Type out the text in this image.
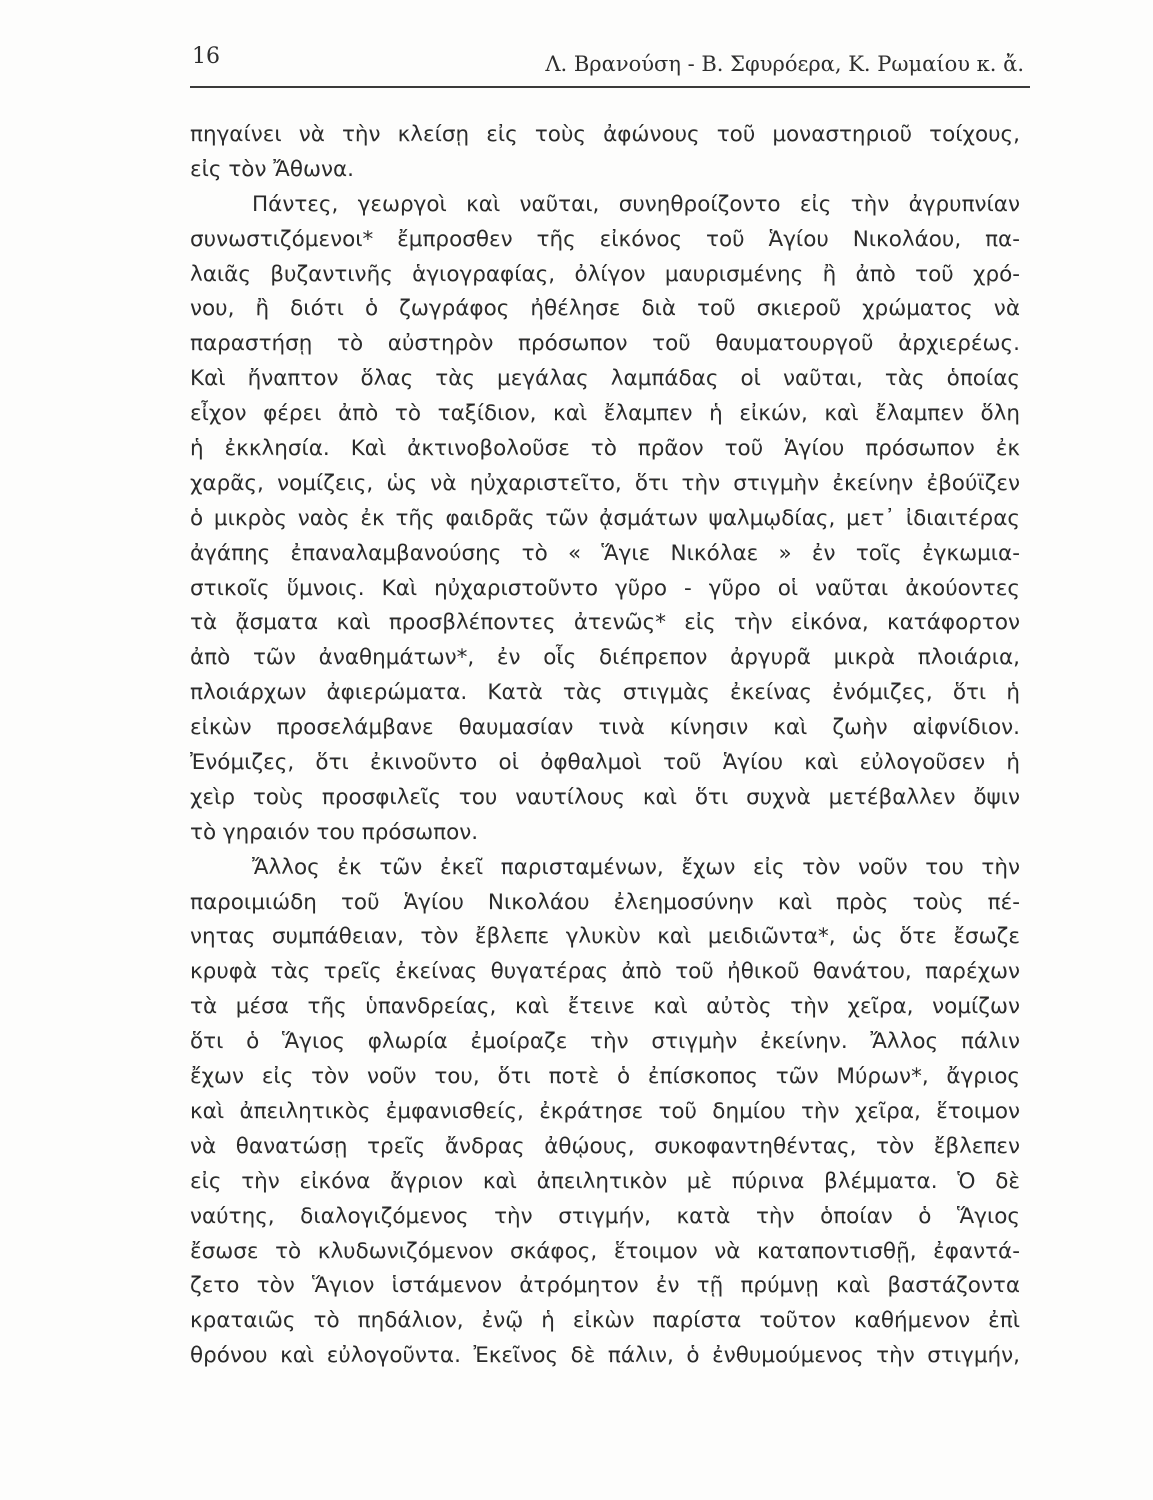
16	Λ. Βρανούση - Β. Σφυρόερα, Κ. Ρωμαίου κ. ἄ.
πηγαίνει νὰ τὴν κλείσῃ εἰς τοὺς ἀφώνους τοῦ μοναστηριοῦ τοίχους,
εἰς τὸν Ἄθωνα.
Πάντες, γεωργοὶ καὶ ναῦται, συνηθροίζοντο εἰς τὴν ἀγρυπνίαν
συνωστιζόμενοι* ἔμπροσθεν τῆς εἰκόνος τοῦ Ἁγίου Νικολάου, πα-
λαιᾶς βυζαντινῆς ἁγιογραφίας, ὀλίγον μαυρισμένης ἢ ἀπὸ τοῦ χρό-
νου, ἢ διότι ὁ ζωγράφος ἠθέλησε διὰ τοῦ σκιεροῦ χρώματος νὰ
παραστήσῃ τὸ αὐστηρὸν πρόσωπον τοῦ θαυματουργοῦ ἀρχιερέως.
Καὶ ἤναπτον ὅλας τὰς μεγάλας λαμπάδας οἱ ναῦται, τὰς ὁποίας
εἶχον φέρει ἀπὸ τὸ ταξίδιον, καὶ ἔλαμπεν ἡ εἰκών, καὶ ἔλαμπεν ὅλη
ἡ ἐκκλησία. Καὶ ἀκτινοβολοῦσε τὸ πρᾶον τοῦ Ἁγίου πρόσωπον ἐκ
χαρᾶς, νομίζεις, ὡς νὰ ηὐχαριστεῖτο, ὅτι τὴν στιγμὴν ἐκείνην ἐβούϊζεν
ὁ μικρὸς ναὸς ἐκ τῆς φαιδρᾶς τῶν ᾀσμάτων ψαλμῳδίας, μετ᾽ ἰδιαιτέρας
ἀγάπης ἐπαναλαμβανούσης τὸ « Ἅγιε Νικόλαε » ἐν τοῖς ἐγκωμια-
στικοῖς ὕμνοις. Καὶ ηὐχαριστοῦντο γῦρο - γῦρο οἱ ναῦται ἀκούοντες
τὰ ᾄσματα καὶ προσβλέποντες ἀτενῶς* εἰς τὴν εἰκόνα, κατάφορτον
ἀπὸ τῶν ἀναθημάτων*, ἐν οἷς διέπρεπον ἀργυρᾶ μικρὰ πλοιάρια,
πλοιάρχων ἀφιερώματα. Κατὰ τὰς στιγμὰς ἐκείνας ἐνόμιζες, ὅτι ἡ
εἰκὼν προσελάμβανε θαυμασίαν τινὰ κίνησιν καὶ ζωὴν αἰφνίδιον.
Ἐνόμιζες, ὅτι ἐκινοῦντο οἱ ὀφθαλμοὶ τοῦ Ἁγίου καὶ εὐλογοῦσεν ἡ
χεὶρ τοὺς προσφιλεῖς του ναυτίλους καὶ ὅτι συχνὰ μετέβαλλεν ὄψιν
τὸ γηραιόν του πρόσωπον.
Ἄλλος ἐκ τῶν ἐκεῖ παρισταμένων, ἔχων εἰς τὸν νοῦν του τὴν
παροιμιώδη τοῦ Ἁγίου Νικολάου ἐλεημοσύνην καὶ πρὸς τοὺς πέ-
νητας συμπάθειαν, τὸν ἔβλεπε γλυκὺν καὶ μειδιῶντα*, ὡς ὅτε ἔσωζε
κρυφὰ τὰς τρεῖς ἐκείνας θυγατέρας ἀπὸ τοῦ ἠθικοῦ θανάτου, παρέχων
τὰ μέσα τῆς ὑπανδρείας, καὶ ἔτεινε καὶ αὐτὸς τὴν χεῖρα, νομίζων
ὅτι ὁ Ἅγιος φλωρία ἐμοίραζε τὴν στιγμὴν ἐκείνην. Ἄλλος πάλιν
ἔχων εἰς τὸν νοῦν του, ὅτι ποτὲ ὁ ἐπίσκοπος τῶν Μύρων*, ἄγριος
καὶ ἀπειλητικὸς ἐμφανισθείς, ἐκράτησε τοῦ δημίου τὴν χεῖρα, ἕτοιμον
νὰ θανατώσῃ τρεῖς ἄνδρας ἀθῴους, συκοφαντηθέντας, τὸν ἔβλεπεν
εἰς τὴν εἰκόνα ἄγριον καὶ ἀπειλητικὸν μὲ πύρινα βλέμματα. Ὁ δὲ
ναύτης, διαλογιζόμενος τὴν στιγμήν, κατὰ τὴν ὁποίαν ὁ Ἅγιος
ἔσωσε τὸ κλυδωνιζόμενον σκάφος, ἕτοιμον νὰ καταποντισθῇ, ἐφαντά-
ζετο τὸν Ἅγιον ἱστάμενον ἀτρόμητον ἐν τῇ πρύμνῃ καὶ βαστάζοντα
κραταιῶς τὸ πηδάλιον, ἐνῷ ἡ εἰκὼν παρίστα τοῦτον καθήμενον ἐπὶ
θρόνου καὶ εὐλογοῦντα. Ἐκεῖνος δὲ πάλιν, ὁ ἐνθυμούμενος τὴν στιγμήν,
